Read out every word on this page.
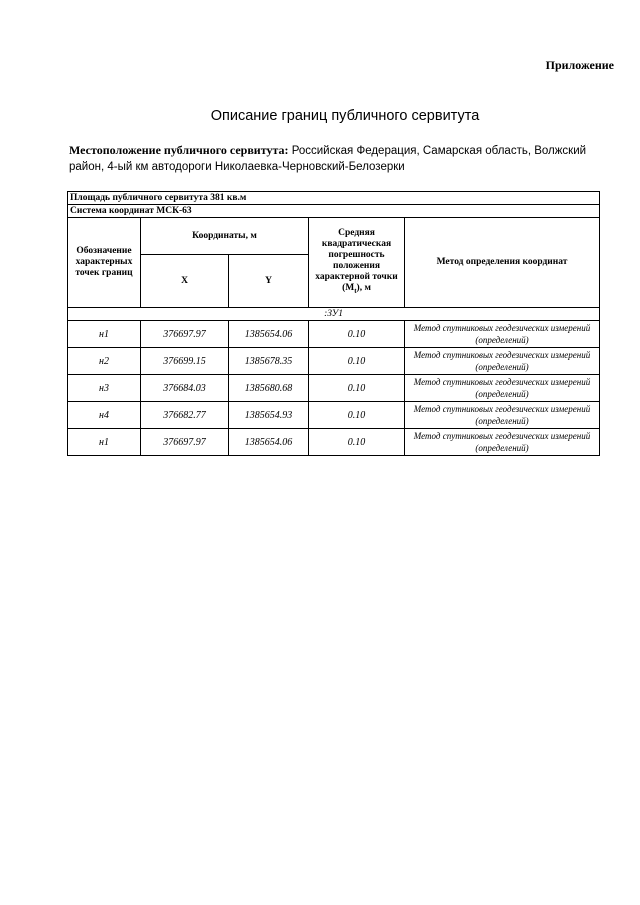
Приложение
Описание границ публичного сервитута
Местоположение публичного сервитута: Российская Федерация, Самарская область, Волжский район, 4-ый км автодороги Николаевка-Черновский-Белозерки
Площадь публичного сервитута 381 кв.м				
Система координат МСК-63				
Обозначение характерных точек границ	Координаты, м		Средняя квадратическая погрешность положения характерной точки $(M_t)$, м	Метод определения координат
	X	Y		
:ЗУ1				
н1	376697.97	1385654.06	0.10	Метод спутниковых геодезических измерений (определений)
н2	376699.15	1385678.35	0.10	Метод спутниковых геодезических измерений (определений)
н3	376684.03	1385680.68	0.10	Метод спутниковых геодезических измерений (определений)
н4	376682.77	1385654.93	0.10	Метод спутниковых геодезических измерений (определений)
н1	376697.97	1385654.06	0.10	Метод спутниковых геодезических измерений (определений)
